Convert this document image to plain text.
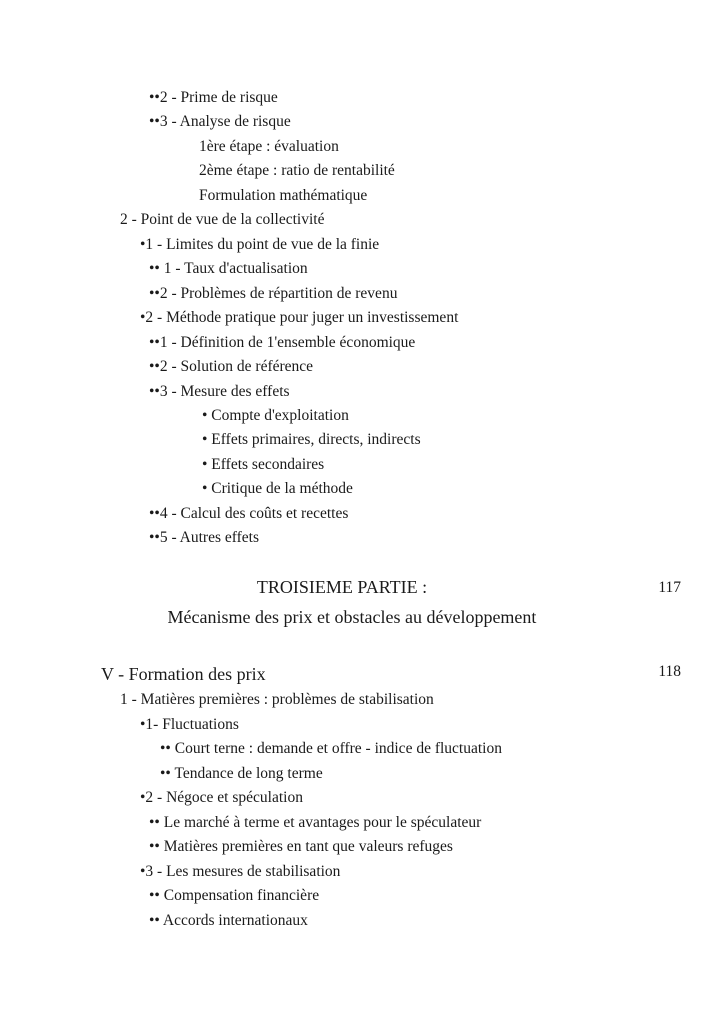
••2 - Prime de risque
••3 - Analyse de risque
1ère étape : évaluation
2ème étape : ratio de rentabilité
Formulation mathématique
2 - Point de vue de la collectivité
•1 - Limites du point de vue de la finie
•• 1 - Taux d'actualisation
••2 - Problèmes de répartition de revenu
•2 - Méthode pratique pour juger un investissement
••1 - Définition de 1'ensemble économique
••2 - Solution de référence
••3 - Mesure des effets
• Compte d'exploitation
• Effets primaires, directs, indirects
• Effets secondaires
• Critique de la méthode
••4 - Calcul des coûts et recettes
••5 - Autres effets
TROISIEME PARTIE :	117
Mécanisme des prix et obstacles au développement
V - Formation des prix	118
1 - Matières premières : problèmes de stabilisation
•1- Fluctuations
•• Court terne : demande et offre - indice de fluctuation
•• Tendance de long terme
•2 - Négoce et spéculation
•• Le marché à terme et avantages pour le spéculateur
•• Matières premières en tant que valeurs refuges
•3 - Les mesures de stabilisation
•• Compensation financière
•• Accords internationaux
